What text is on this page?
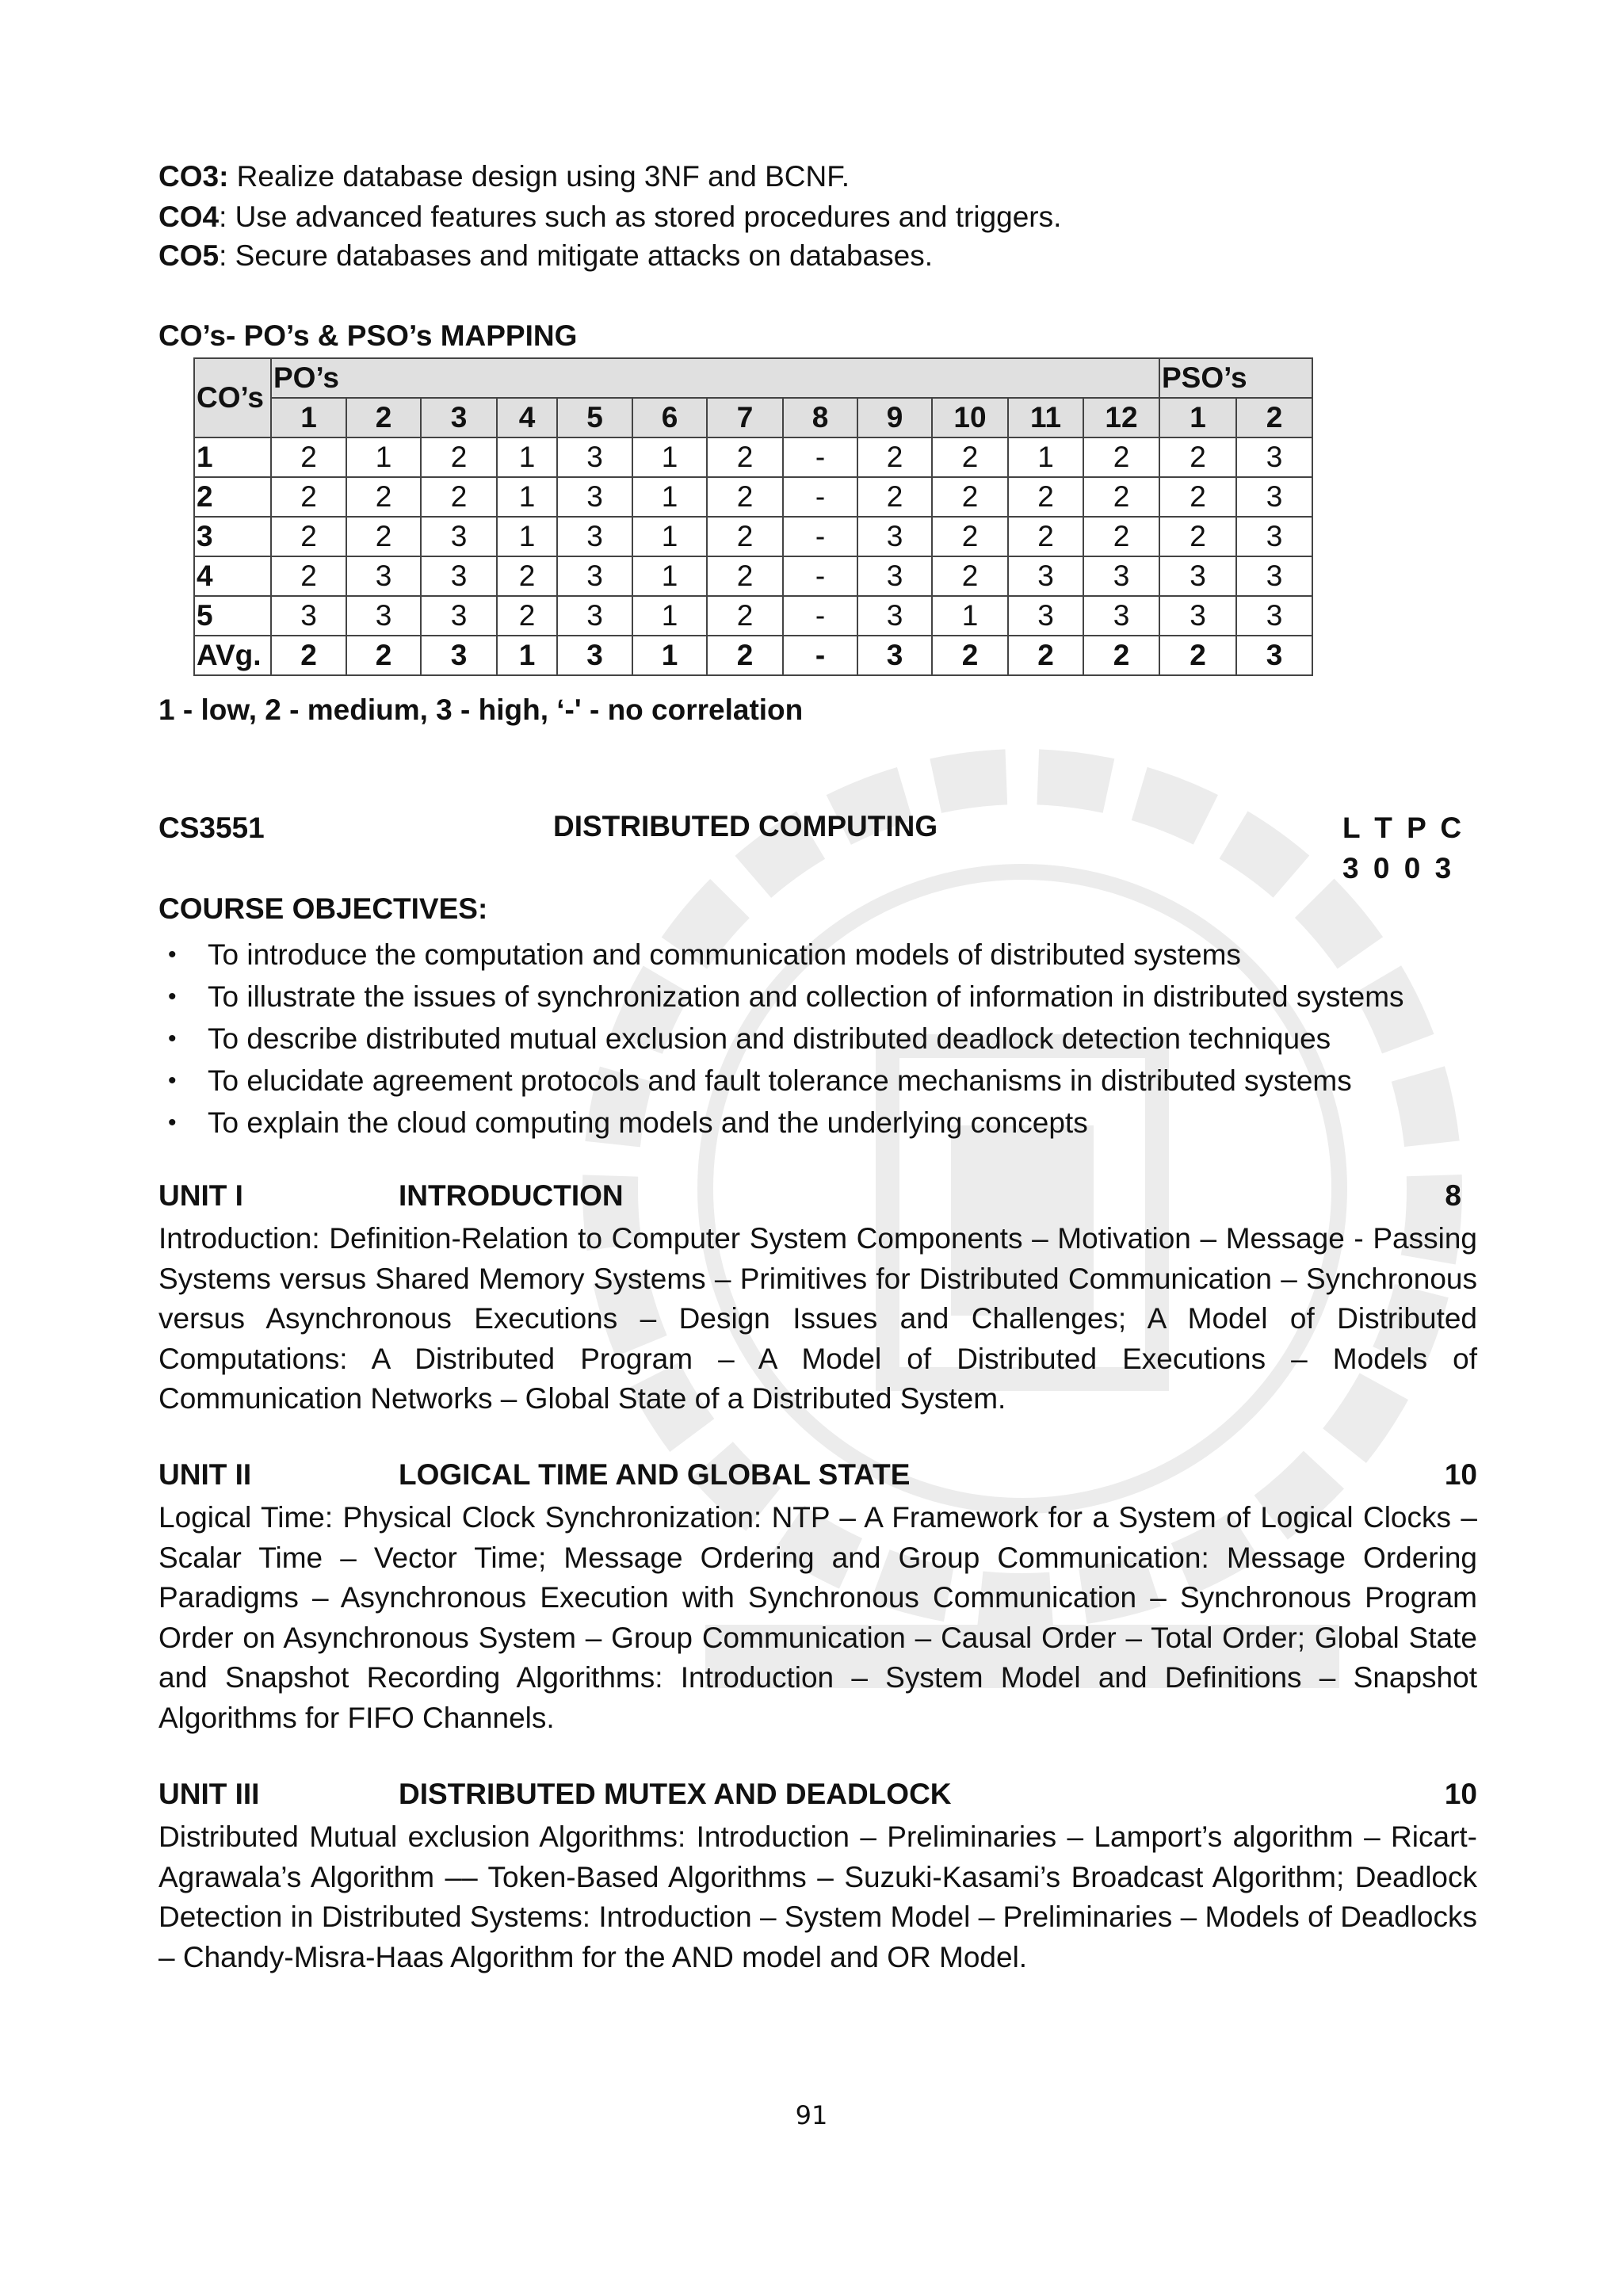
CO3: Realize database design using 3NF and BCNF.
CO4: Use advanced features such as stored procedures and triggers.
CO5: Secure databases and mitigate attacks on databases.
CO’s- PO’s & PSO’s MAPPING
CO’s	PO’s												PSO’s	
	1	2	3	4	5	6	7	8	9	10	11	12	1	2
1	2	1	2	1	3	1	2	-	2	2	1	2	2	3
2	2	2	2	1	3	1	2	-	2	2	2	2	2	3
3	2	2	3	1	3	1	2	-	3	2	2	2	2	3
4	2	3	3	2	3	1	2	-	3	2	3	3	3	3
5	3	3	3	2	3	1	2	-	3	1	3	3	3	3
AVg.	2	2	3	1	3	1	2	-	3	2	2	2	2	3
1 - low, 2 - medium, 3 - high, ‘-' - no correlation
CS3551	DISTRIBUTED COMPUTING	L T P C
3 0 0 3
COURSE OBJECTIVES:
• To introduce the computation and communication models of distributed systems
• To illustrate the issues of synchronization and collection of information in distributed systems
• To describe distributed mutual exclusion and distributed deadlock detection techniques
• To elucidate agreement protocols and fault tolerance mechanisms in distributed systems
• To explain the cloud computing models and the underlying concepts
UNIT I	INTRODUCTION	8
Introduction: Definition-Relation to Computer System Components – Motivation – Message - Passing Systems versus Shared Memory Systems – Primitives for Distributed Communication – Synchronous versus Asynchronous Executions – Design Issues and Challenges; A Model of Distributed Computations: A Distributed Program – A Model of Distributed Executions – Models of Communication Networks – Global State of a Distributed System.
UNIT II	LOGICAL TIME AND GLOBAL STATE	10
Logical Time: Physical Clock Synchronization: NTP – A Framework for a System of Logical Clocks – Scalar Time – Vector Time; Message Ordering and Group Communication: Message Ordering Paradigms – Asynchronous Execution with Synchronous Communication – Synchronous Program Order on Asynchronous System – Group Communication – Causal Order – Total Order; Global State and Snapshot Recording Algorithms: Introduction – System Model and Definitions – Snapshot Algorithms for FIFO Channels.
UNIT III	DISTRIBUTED MUTEX AND DEADLOCK	10
Distributed Mutual exclusion Algorithms: Introduction – Preliminaries – Lamport’s algorithm – Ricart- Agrawala’s Algorithm –– Token-Based Algorithms – Suzuki-Kasami’s Broadcast Algorithm; Deadlock Detection in Distributed Systems: Introduction – System Model – Preliminaries – Models of Deadlocks – Chandy-Misra-Haas Algorithm for the AND model and OR Model.
91
